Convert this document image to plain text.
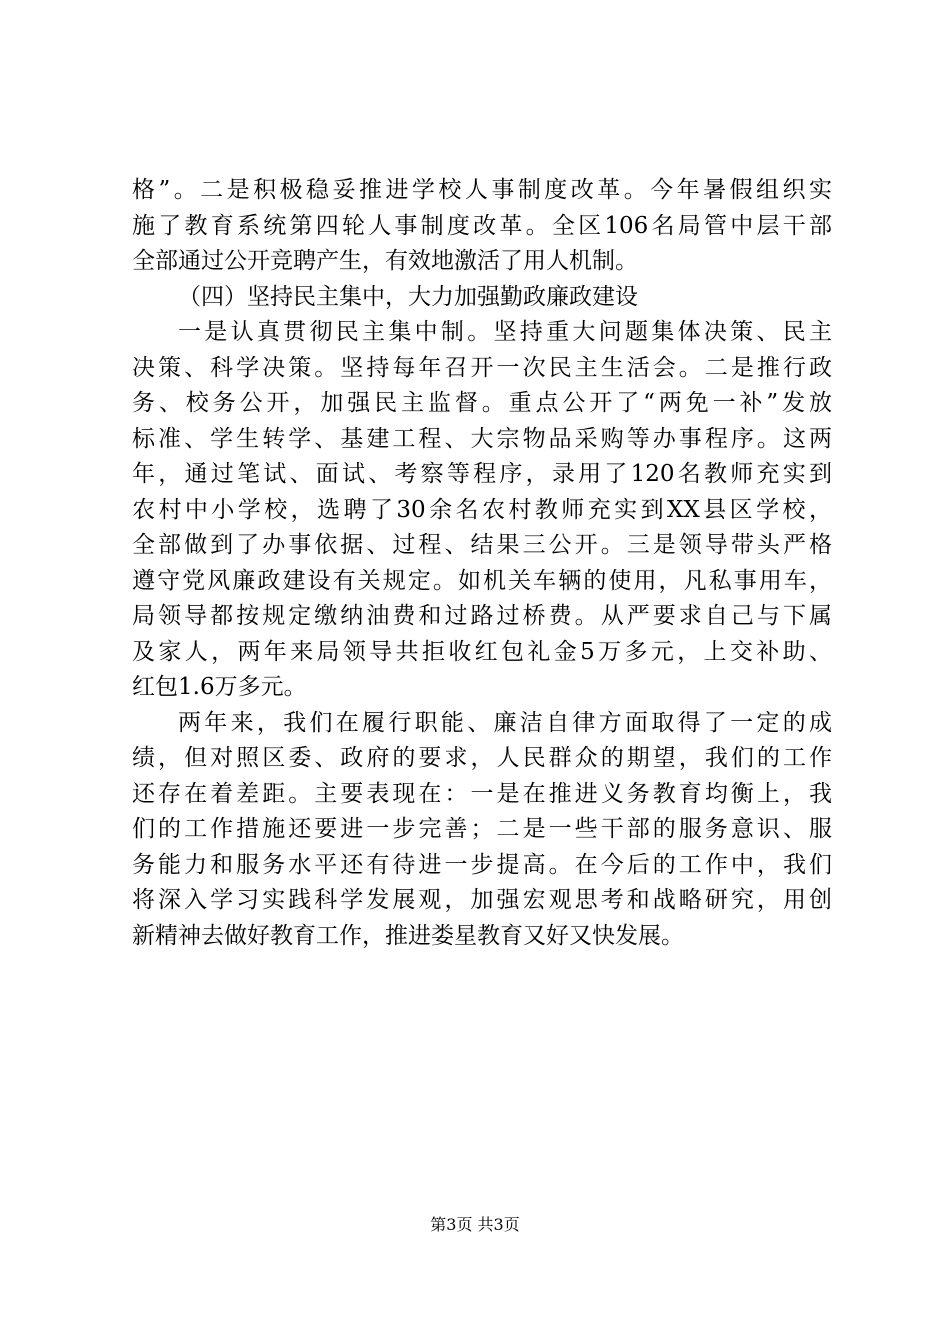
格”。二是积极稳妥推进学校人事制度改革。今年暑假组织实
施了教育系统第四轮人事制度改革。全区106名局管中层干部
全部通过公开竞聘产生，有效地激活了用人机制。
（四）坚持民主集中，大力加强勤政廉政建设
一是认真贯彻民主集中制。坚持重大问题集体决策、民主
决策、科学决策。坚持每年召开一次民主生活会。二是推行政
务、校务公开，加强民主监督。重点公开了“两免一补”发放
标准、学生转学、基建工程、大宗物品采购等办事程序。这两
年，通过笔试、面试、考察等程序，录用了120名教师充实到
农村中小学校，选聘了30余名农村教师充实到XX县区学校，
全部做到了办事依据、过程、结果三公开。三是领导带头严格
遵守党风廉政建设有关规定。如机关车辆的使用，凡私事用车，
局领导都按规定缴纳油费和过路过桥费。从严要求自己与下属
及家人，两年来局领导共拒收红包礼金5万多元，上交补助、
红包1.6万多元。
两年来，我们在履行职能、廉洁自律方面取得了一定的成
绩，但对照区委、政府的要求，人民群众的期望，我们的工作
还存在着差距。主要表现在：一是在推进义务教育均衡上，我
们的工作措施还要进一步完善；二是一些干部的服务意识、服
务能力和服务水平还有待进一步提高。在今后的工作中，我们
将深入学习实践科学发展观，加强宏观思考和战略研究，用创
新精神去做好教育工作，推进娄星教育又好又快发展。
第3页 共3页
